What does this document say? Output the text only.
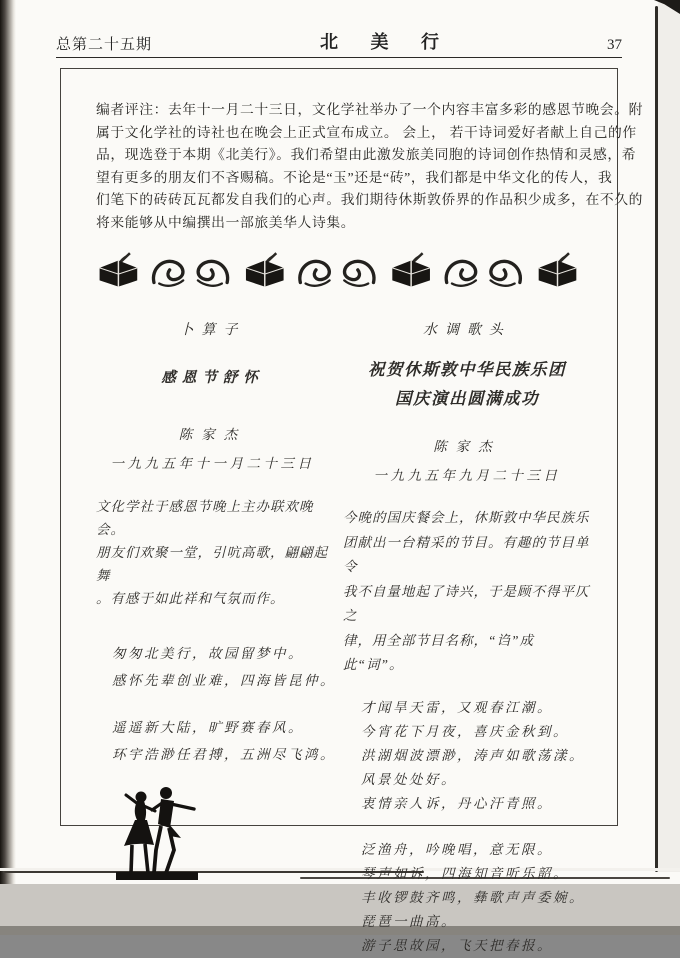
总第二十五期	北 美 行	37
编者评注：去年十一月二十三日，文化学社举办了一个内容丰富多彩的感恩节晚会。附
属于文化学社的诗社也在晚会上正式宣布成立。 会上， 若干诗词爱好者献上自己的作
品，现选登于本期《北美行》。我们希望由此激发旅美同胞的诗词创作热情和灵感，希
望有更多的朋友们不吝赐稿。不论是“玉”还是“砖”，我们都是中华文化的传人，我
们笔下的砖砖瓦瓦都发自我们的心声。我们期待休斯敦侨界的作品积少成多，在不久的
将来能够从中编撰出一部旅美华人诗集。
卜算子
感恩节舒怀
陈家杰
一九九五年十一月二十三日
文化学社于感恩节晚上主办联欢晚会。
朋友们欢聚一堂，引吭高歌，翩翩起舞
。有感于如此祥和气氛而作。
匆匆北美行，故园留梦中。
感怀先辈创业难，四海皆昆仲。
遥遥新大陆，旷野赛春风。
环宇浩渺任君搏，五洲尽飞鸿。
水调歌头
祝贺休斯敦中华民族乐团
国庆演出圆满成功
陈家杰
一九九五年九月二十三日
今晚的国庆餐会上，休斯敦中华民族乐
团献出一台精采的节目。有趣的节目单令
我不自量地起了诗兴，于是顾不得平仄之
律，用全部节目名称，“诌”成此“词”。
才闻旱天雷，又观春江潮。
今宵花下月夜，喜庆金秋到。
洪湖烟波漂渺，涛声如歌荡漾。
风景处处好。
衷情亲人诉，丹心汗青照。
泛渔舟，吟晚唱，意无限。
琴声如诉，四海知音听乐韶。
丰收锣鼓齐鸣，彝歌声声委婉。
琵琶一曲高。
游子思故园，飞天把春报。
